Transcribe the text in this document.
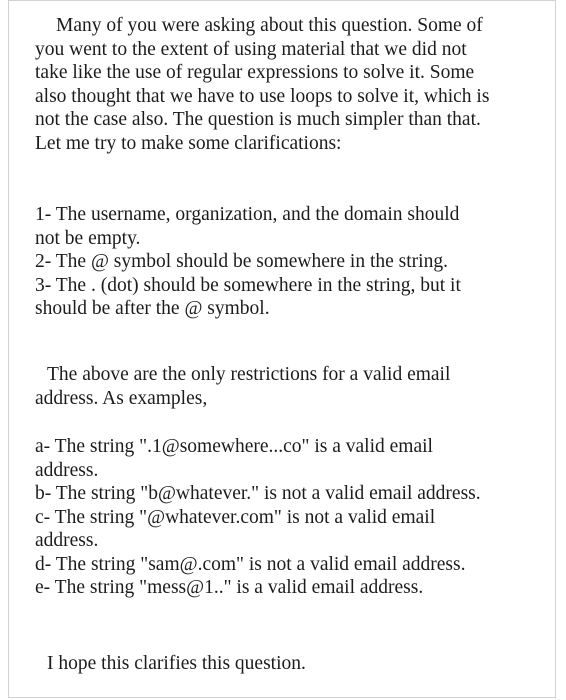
Many of you were asking about this question. Some of
you went to the extent of using material that we did not
take like the use of regular expressions to solve it. Some
also thought that we have to use loops to solve it, which is
not the case also. The question is much simpler than that.
Let me try to make some clarifications:

1- The username, organization, and the domain should
not be empty.
2- The @ symbol should be somewhere in the string.
3- The . (dot) should be somewhere in the string, but it
should be after the @ symbol.

The above are the only restrictions for a valid email
address. As examples,

a- The string ".1@somewhere...co" is a valid email
address.
b- The string "b@whatever." is not a valid email address.
c- The string "@whatever.com" is not a valid email
address.
d- The string "sam@.com" is not a valid email address.
e- The string "mess@1.." is a valid email address.

I hope this clarifies this question.
